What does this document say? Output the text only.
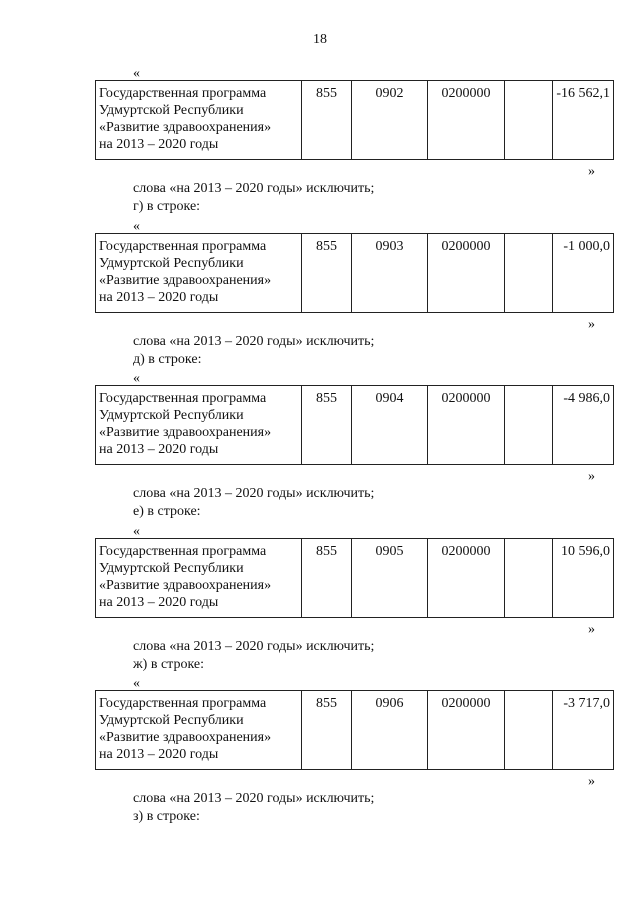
18
«
Государственная программа
Удмуртской Республики
«Развитие здравоохранения»
на 2013 – 2020 годы
	855	0902	0200000		-16 562,1
»
слова «на 2013 – 2020 годы» исключить;
г) в строке:
«
Государственная программа
Удмуртской Республики
«Развитие здравоохранения»
на 2013 – 2020 годы
	855	0903	0200000		-1 000,0
»
слова «на 2013 – 2020 годы» исключить;
д) в строке:
«
Государственная программа
Удмуртской Республики
«Развитие здравоохранения»
на 2013 – 2020 годы
	855	0904	0200000		-4 986,0
»
слова «на 2013 – 2020 годы» исключить;
е) в строке:
«
Государственная программа
Удмуртской Республики
«Развитие здравоохранения»
на 2013 – 2020 годы
	855	0905	0200000		10 596,0
»
слова «на 2013 – 2020 годы» исключить;
ж) в строке:
«
Государственная программа
Удмуртской Республики
«Развитие здравоохранения»
на 2013 – 2020 годы
	855	0906	0200000		-3 717,0
»
слова «на 2013 – 2020 годы» исключить;
з) в строке:
